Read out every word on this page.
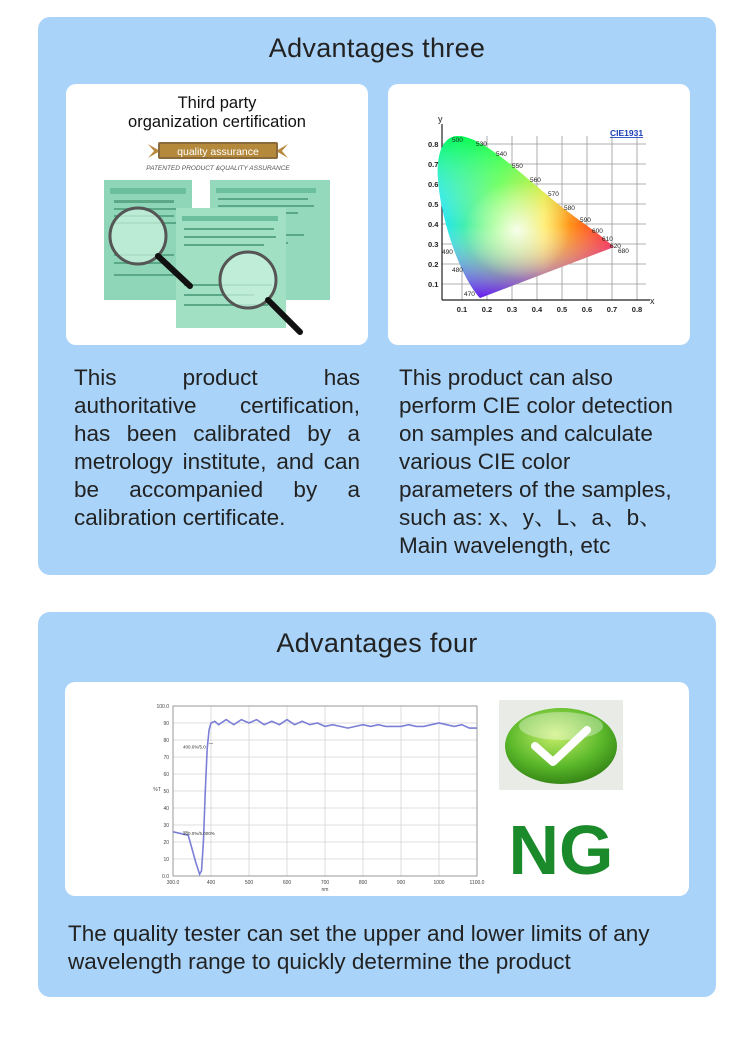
Advantages three
Third party
organization certification
quality assurance
PATENTED PRODUCT &QUALITY ASSURANCE
y
x
0.1
0.2
0.3
0.4
0.5
0.6
0.7
0.8
0.1 0.2 0.3 0.4 0.5 0.6 0.7 0.8
500
530
540
550
560
570
580
590
600
610
620
680
490
480
470
CIE1931
This product has authoritative certification, has been calibrated by a metrology institute, and can be accompanied by a calibration certificate.
This product can also perform CIE color detection on samples and calculate various CIE color parameters of the samples, such as: x、y、L、a、b、Main wavelength, etc
Advantages four
0.0
10
20
30
40
50
60
70
80
90
100.0
300.0	400	500	600	700	800	900	1000	1100.0
nm
%T
400.0%/5.0
200.0%/5.000%	NG
The quality tester can set the upper and lower limits of any wavelength range to quickly determine the product
